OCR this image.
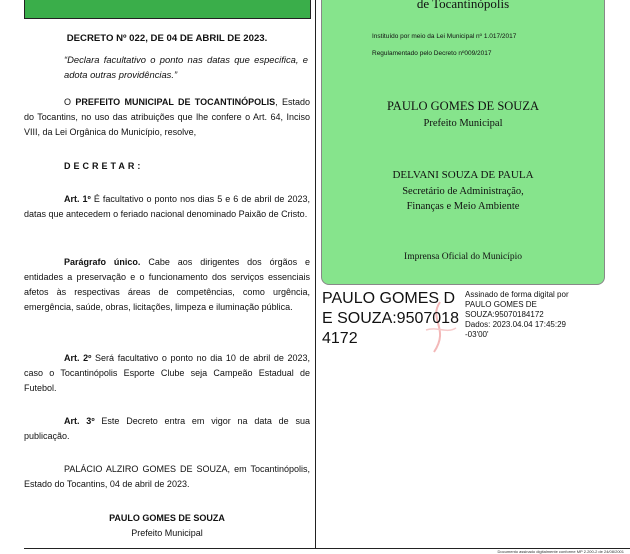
Documento assinado digitalmente conforme MP 2.200-2 de 24/08/2001
DECRETO Nº 022, DE 04 DE ABRIL DE 2023.
“Declara facultativo o ponto nas datas que especifica, e adota outras providências.”
O PREFEITO MUNICIPAL DE TOCANTINÓPOLIS, Estado do Tocantins, no uso das atribuições que lhe confere o Art. 64, Inciso VIII, da Lei Orgânica do Município, resolve,
DECRETAR:
Art. 1º É facultativo o ponto nos dias 5 e 6 de abril de 2023, datas que antecedem o feriado nacional denominado Paixão de Cristo.
Parágrafo único. Cabe aos dirigentes dos órgãos e entidades a preservação e o funcionamento dos serviços essenciais afetos às respectivas áreas de competências, como urgência, emergência, saúde, obras, licitações, limpeza e iluminação pública.
Art. 2º Será facultativo o ponto no dia 10 de abril de 2023, caso o Tocantinópolis Esporte Clube seja Campeão Estadual de Futebol.
Art. 3º Este Decreto entra em vigor na data de sua publicação.
PALÁCIO ALZIRO GOMES DE SOUZA, em Tocantinópolis, Estado do Tocantins, 04 de abril de 2023.
PAULO GOMES DE SOUZA
Prefeito Municipal
de Tocantinópolis
Instituído por meio da Lei Municipal nº 1.017/2017
Regulamentado pelo Decreto nº009/2017
PAULO GOMES DE SOUZA
Prefeito Municipal
DELVANI SOUZA DE PAULA
Secretário de Administração,
Finanças e Meio Ambiente
Imprensa Oficial do Município
PAULO GOMES DE SOUZA:95070184172
Assinado de forma digital por
PAULO GOMES DE
SOUZA:95070184172
Dados: 2023.04.04 17:45:29
-03'00'
